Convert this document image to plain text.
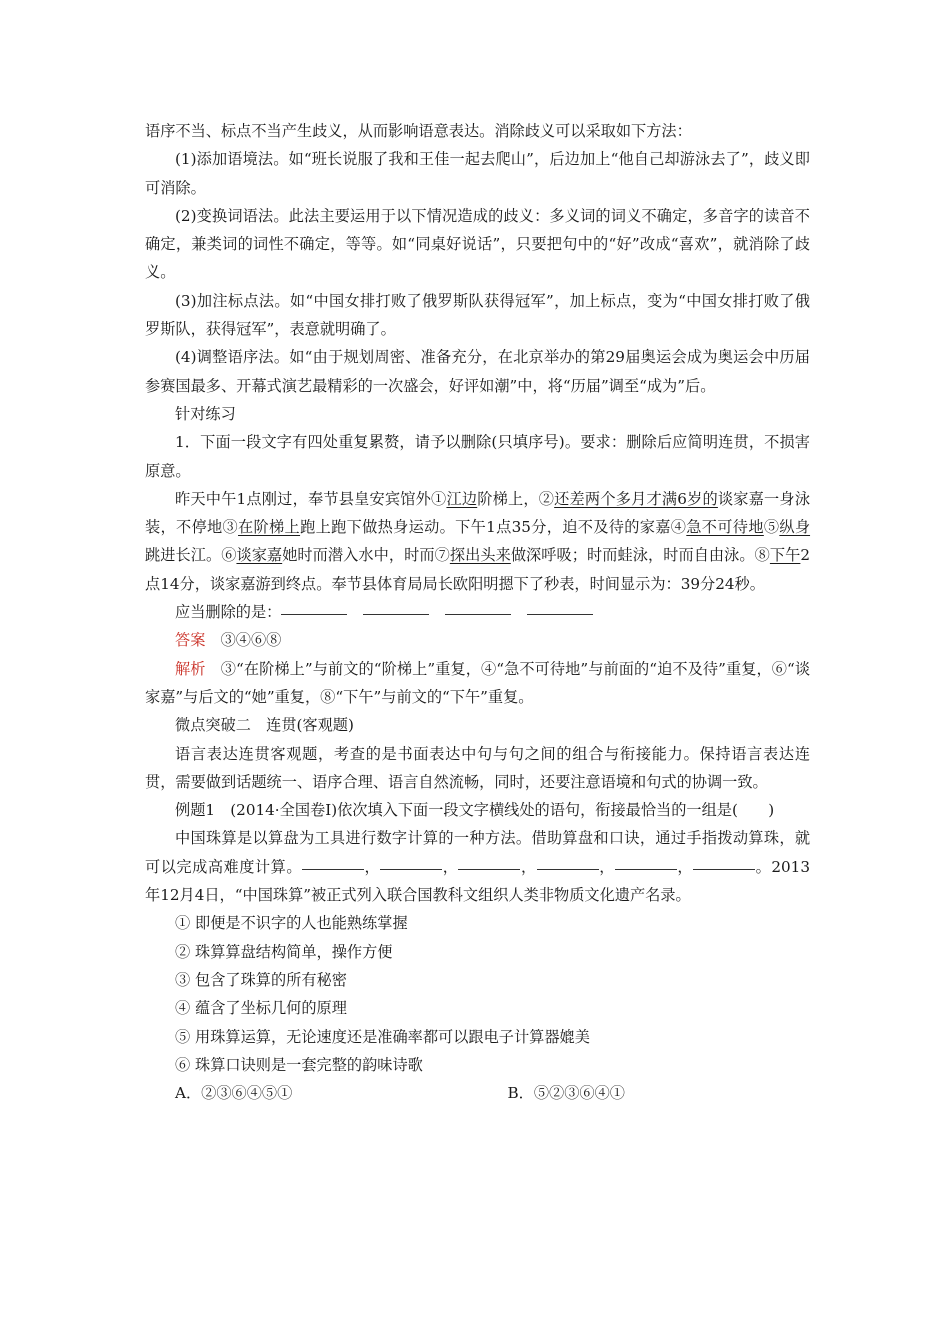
语序不当、标点不当产生歧义，从而影响语意表达。消除歧义可以采取如下方法：

(1)添加语境法。如“班长说服了我和王佳一起去爬山”，后边加上“他自己却游泳去了”，歧义即可消除。

(2)变换词语法。此法主要运用于以下情况造成的歧义：多义词的词义不确定，多音字的读音不确定，兼类词的词性不确定，等等。如“同桌好说话”，只要把句中的“好”改成“喜欢”，就消除了歧义。

(3)加注标点法。如“中国女排打败了俄罗斯队获得冠军”，加上标点，变为“中国女排打败了俄罗斯队，获得冠军”，表意就明确了。

(4)调整语序法。如“由于规划周密、准备充分，在北京举办的第29届奥运会成为奥运会中历届参赛国最多、开幕式演艺最精彩的一次盛会，好评如潮”中，将“历届”调至“成为”后。

针对练习

1．下面一段文字有四处重复累赘，请予以删除(只填序号)。要求：删除后应简明连贯，不损害原意。

昨天中午1点刚过，奉节县皇安宾馆外①江边阶梯上，②还差两个多月才满6岁的谈家嘉一身泳装，不停地③在阶梯上跑上跑下做热身运动。下午1点35分，迫不及待的家嘉④急不可待地⑤纵身跳进长江。⑥谈家嘉她时而潜入水中，时而⑦探出头来做深呼吸；时而蛙泳，时而自由泳。⑧下午2点14分，谈家嘉游到终点。奉节县体育局局长欧阳明摁下了秒表，时间显示为：39分24秒。

应当删除的是：

答案　 ③④⑥⑧

解析　 ③“在阶梯上”与前文的“阶梯上”重复，④“急不可待地”与前面的“迫不及待”重复，⑥“谈家嘉”与后文的“她”重复，⑧“下午”与前文的“下午”重复。

微点突破二　连贯(客观题)

语言表达连贯客观题，考查的是书面表达中句与句之间的组合与衔接能力。保持语言表达连贯，需要做到话题统一、语序合理、语言自然流畅，同时，还要注意语境和句式的协调一致。

例题1　(2014·全国卷Ⅰ)依次填入下面一段文字横线处的语句，衔接最恰当的一组是(　　)

中国珠算是以算盘为工具进行数字计算的一种方法。借助算盘和口诀，通过手指拨动算珠，就可以完成高难度计算。	，	，	，	，	，	。2013年12月4日，“中国珠算”被正式列入联合国教科文组织人类非物质文化遗产名录。

① 即便是不识字的人也能熟练掌握

② 珠算算盘结构简单，操作方便

③ 包含了珠算的所有秘密

④ 蕴含了坐标几何的原理

⑤ 用珠算运算，无论速度还是准确率都可以跟电子计算器媲美

⑥ 珠算口诀则是一套完整的韵味诗歌

A．②③⑥④⑤①	B．⑤②③⑥④①
